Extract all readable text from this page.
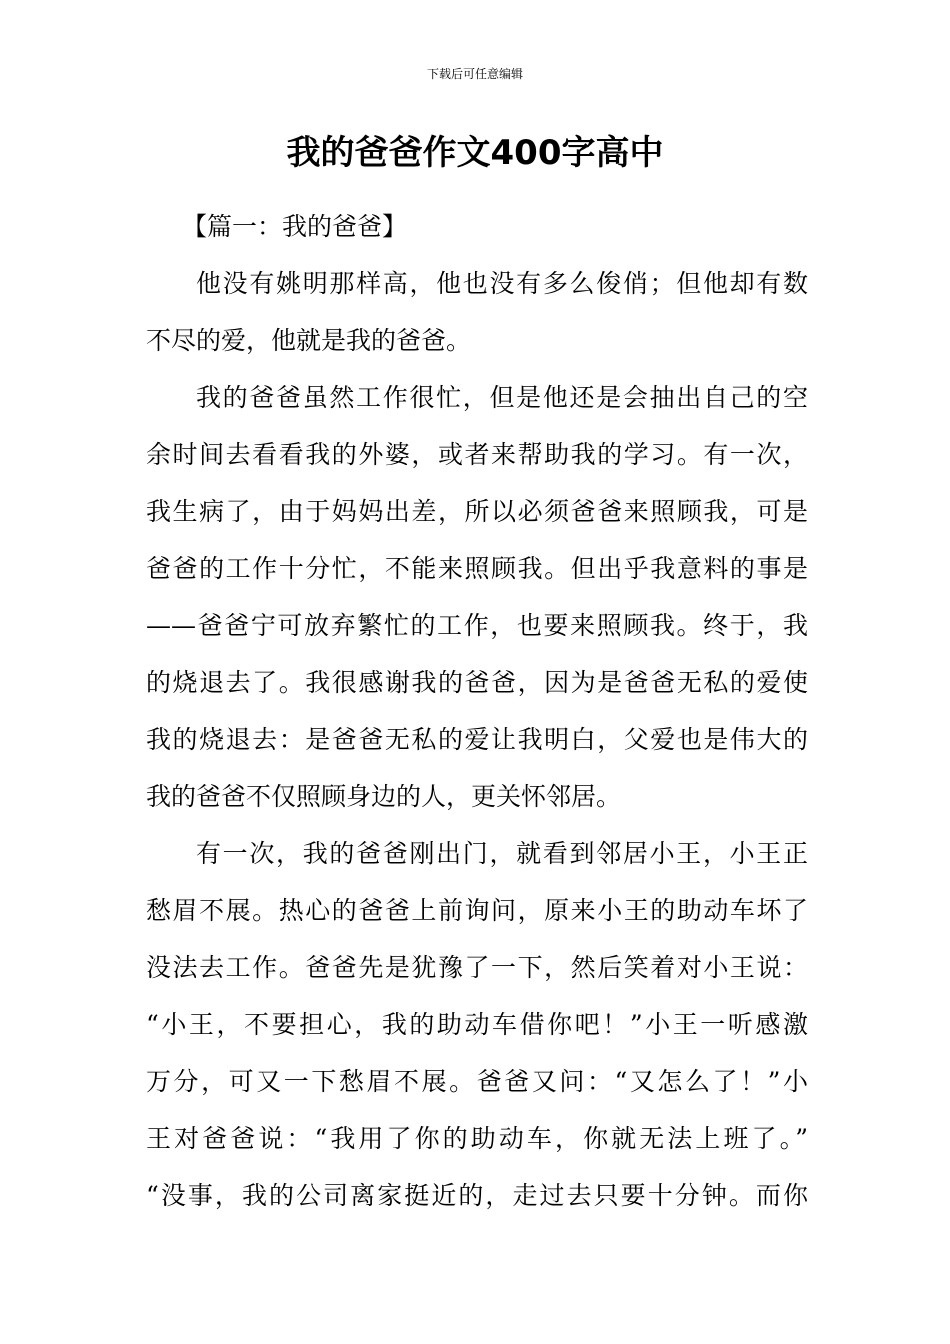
下载后可任意编辑
我的爸爸作文400字高中
【篇一：我的爸爸】
他没有姚明那样高，他也没有多么俊俏；但他却有数
不尽的爱，他就是我的爸爸。
我的爸爸虽然工作很忙，但是他还是会抽出自己的空
余时间去看看我的外婆，或者来帮助我的学习。有一次，
我生病了，由于妈妈出差，所以必须爸爸来照顾我，可是
爸爸的工作十分忙，不能来照顾我。但出乎我意料的事是
——爸爸宁可放弃繁忙的工作，也要来照顾我。终于，我
的烧退去了。我很感谢我的爸爸，因为是爸爸无私的爱使
我的烧退去：是爸爸无私的爱让我明白，父爱也是伟大的
我的爸爸不仅照顾身边的人，更关怀邻居。
有一次，我的爸爸刚出门，就看到邻居小王，小王正
愁眉不展。热心的爸爸上前询问，原来小王的助动车坏了
没法去工作。爸爸先是犹豫了一下，然后笑着对小王说：
“小王，不要担心，我的助动车借你吧！”小王一听感激
万分，可又一下愁眉不展。爸爸又问：“又怎么了！”小
王对爸爸说：“我用了你的助动车，你就无法上班了。”
“没事，我的公司离家挺近的，走过去只要十分钟。而你
